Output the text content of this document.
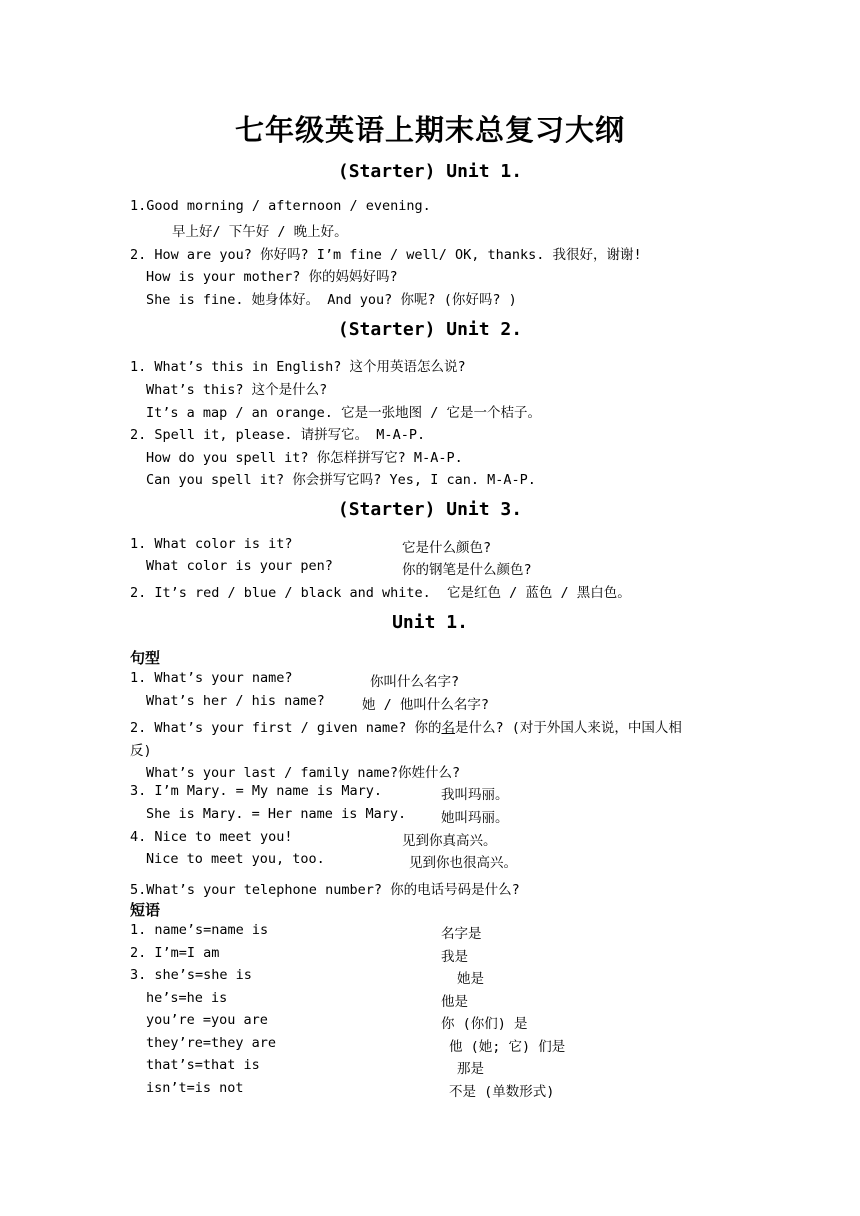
七年级英语上期末总复习大纲
(Starter) Unit 1.
1.Good morning / afternoon / evening.
早上好/ 下午好 / 晚上好。
2. How are you? 你好吗? I’m fine / well/ OK, thanks. 我很好，谢谢!
How is your mother? 你的妈妈好吗?
She is fine. 她身体好。 And you? 你呢? (你好吗? )
(Starter) Unit 2.
1. What’s this in English? 这个用英语怎么说?
What’s this? 这个是什么?
It’s a map / an orange. 它是一张地图 / 它是一个桔子。
2. Spell it, please. 请拼写它。 M-A-P.
How do you spell it? 你怎样拼写它? M-A-P.
Can you spell it? 你会拼写它吗? Yes, I can. M-A-P.
(Starter) Unit 3.
1. What color is it?	它是什么颜色?
What color is your pen?	你的钢笔是什么颜色?
2. It’s red / blue / black and white.  它是红色 / 蓝色 / 黑白色。
Unit 1.
句型
1. What’s your name?	你叫什么名字?
What’s her / his name?	她 / 他叫什么名字?
2. What’s your first / given name? 你的名是什么? (对于外国人来说，中国人相
反)
What’s your last / family name?你姓什么?
3. I’m Mary. = My name is Mary.	我叫玛丽。
She is Mary. = Her name is Mary.	她叫玛丽。
4. Nice to meet you!	见到你真高兴。
Nice to meet you, too.	见到你也很高兴。
5.What’s your telephone number? 你的电话号码是什么?
短语
1. name’s=name is	名字是
2. I’m=I am	我是
3. she’s=she is	她是
he’s=he is	他是
you’re =you are	你 (你们) 是
they’re=they are	他 (她; 它) 们是
that’s=that is	那是
isn’t=is not	不是 (单数形式)
